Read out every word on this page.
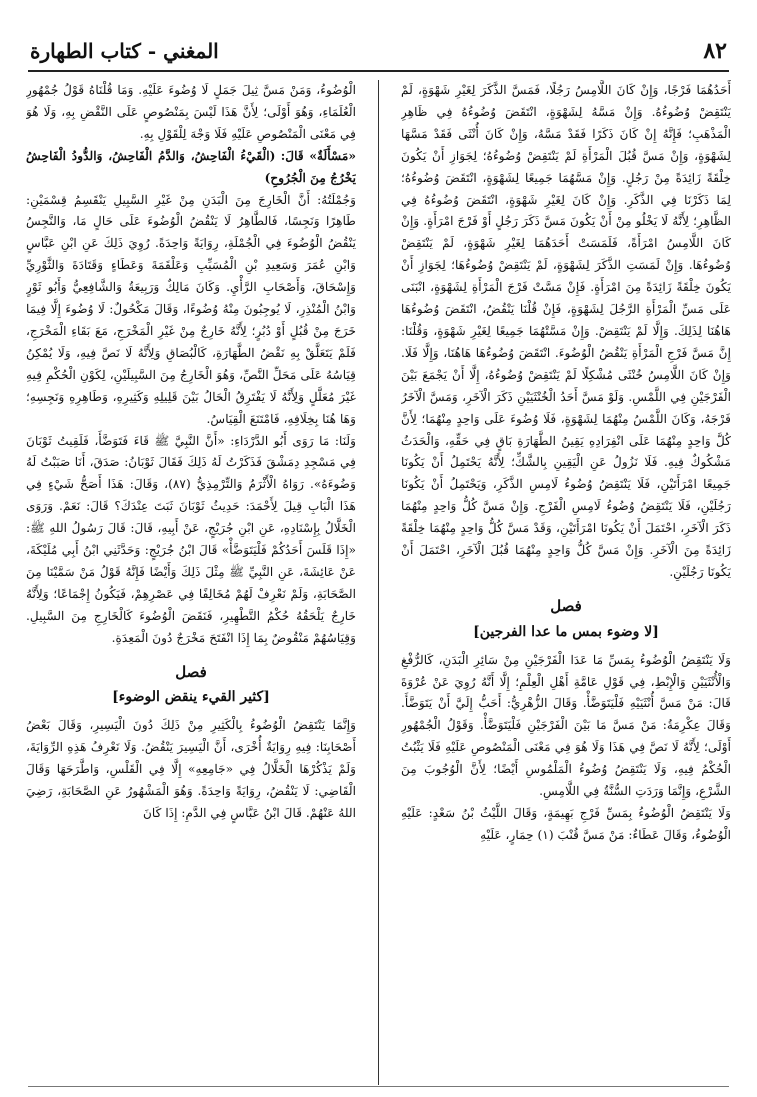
٨٢
المغني - كتاب الطهارة

أَحَدُهُمَا فَرْجًا، وَإِنْ كَانَ اللَّامِسُ رَجُلًا، فَمَسَّ الذَّكَرَ لِغَيْرِ شَهْوَةٍ، لَمْ يَنْتَقِضْ وُضُوءُهُ. وَإِنْ مَسَّهُ لِشَهْوَةٍ، انْتَقَضَ وُضُوءُهُ فِي ظَاهِرِ الْمَذْهَبِ؛ فَإِنَّهُ إِنْ كَانَ ذَكَرًا فَقَدْ مَسَّهُ، وَإِنْ كَانَ أُنْثَى فَقَدْ مَسَّهَا لِشَهْوَةٍ، وَإِنْ مَسَّ قُبُلَ الْمَرْأَةِ لَمْ يَنْتَقِضْ وُضُوءُهُ؛ لِجَوَازِ أَنْ يَكُونَ خِلْقَةً زَائِدَةً مِنْ رَجُلٍ. وَإِنْ مَسَّهُمَا جَمِيعًا لِشَهْوَةٍ، انْتَقَضَ وُضُوءُهُ؛ لِمَا ذَكَرْنَا فِي الذَّكَرِ. وَإِنْ كَانَ لِغَيْرِ شَهْوَةٍ، انْتَقَضَ وُضُوءُهُ فِي الظَّاهِرِ؛ لِأَنَّهُ لَا يَخْلُو مِنْ أَنْ يَكُونَ مَسَّ ذَكَرَ رَجُلٍ أَوْ فَرْجَ امْرَأَةٍ. وَإِنْ كَانَ اللَّامِسُ امْرَأَةً، فَلَمَسَتْ أَحَدَهُمَا لِغَيْرِ شَهْوَةٍ، لَمْ يَنْتَقِضْ وُضُوءُهَا. وَإِنْ لَمَسَتِ الذَّكَرَ لِشَهْوَةٍ، لَمْ يَنْتَقِضْ وُضُوءُهَا؛ لِجَوَازِ أَنْ يَكُونَ خِلْقَةً زَائِدَةً مِنَ امْرَأَةٍ. فَإِنْ مَسَّتْ فَرْجَ الْمَرْأَةِ لِشَهْوَةٍ، انْبَنَى عَلَى مَسِّ الْمَرْأَةِ الرَّجُلَ لِشَهْوَةٍ، فَإِنْ قُلْنَا يَنْقُضُ، انْتَقَضَ وُضُوءُهَا هَاهُنَا لِذَلِكَ. وَإِلَّا لَمْ يَنْتَقِضْ. وَإِنْ مَسَّتْهُمَا جَمِيعًا لِغَيْرِ شَهْوَةٍ، وَقُلْنَا: إِنَّ مَسَّ فَرْجِ الْمَرْأَةِ يَنْقُضُ الْوُضُوءَ. انْتَقَضَ وُضُوءُهَا هَاهُنَا، وَإِلَّا فَلَا. وَإِنْ كَانَ اللَّامِسُ خُنْثَى مُشْكِلًا لَمْ يَنْتَقِضْ وُضُوءُهُ، إِلَّا أَنْ يَجْمَعَ بَيْنَ الْفَرْجَيْنِ فِي اللَّمْسِ. وَلَوْ مَسَّ أَحَدُ الْخُنْثَيَيْنِ ذَكَرَ الْآخَرِ، وَمَسَّ الْآخَرُ فَرْجَهُ، وَكَانَ اللَّمْسُ مِنْهُمَا لِشَهْوَةٍ، فَلَا وُضُوءَ عَلَى وَاحِدٍ مِنْهُمَا؛ لِأَنَّ كُلَّ وَاحِدٍ مِنْهُمَا عَلَى انْفِرَادِهِ يَقِينُ الطَّهَارَةِ بَاقٍ فِي حَقِّهِ، وَالْحَدَثُ مَشْكُوكٌ فِيهِ. فَلَا نَزُولُ عَنِ الْيَقِينِ بِالشَّكِّ؛ لِأَنَّهُ يَحْتَمِلُ أَنْ يَكُونَا جَمِيعًا امْرَأَتَيْنِ، فَلَا يَنْتَقِضُ وُضُوءُ لَامِسِ الذَّكَرِ، وَيَحْتَمِلُ أَنْ يَكُونَا رَجُلَيْنِ، فَلَا يَنْتَقِضُ وُضُوءُ لَامِسِ الْفَرْجِ. وَإِنْ مَسَّ كُلُّ وَاحِدٍ مِنْهُمَا ذَكَرَ الْآخَرِ، احْتَمَلَ أَنْ يَكُونَا امْرَأَتَيْنِ، وَقَدْ مَسَّ كُلُّ وَاحِدٍ مِنْهُمَا خِلْقَةً زَائِدَةً مِنَ الْآخَرِ. وَإِنْ مَسَّ كُلُّ وَاحِدٍ مِنْهُمَا قُبُلَ الْآخَرِ، احْتَمَلَ أَنْ يَكُونَا رَجُلَيْنِ.

فصل
[لا وضوء بمس ما عدا الفرجين]

وَلَا يَنْتَقِضُ الْوُضُوءُ بِمَسِّ مَا عَدَا الْفَرْجَيْنِ مِنْ سَائِرِ الْبَدَنِ، كَالرُّفْغِ وَالْأُنْثَيَيْنِ وَالْإِبْطِ، فِي قَوْلِ عَامَّةِ أَهْلِ الْعِلْمِ؛ إِلَّا أَنَّهُ رُوِيَ عَنْ عُرْوَةَ قَالَ: مَنْ مَسَّ أُنْثَيَيْهِ فَلْيَتَوَضَّأْ. وَقَالَ الزُّهْرِيُّ: أَحَبُّ إِلَيَّ أَنْ يَتَوَضَّأَ. وَقَالَ عِكْرِمَةُ: مَنْ مَسَّ مَا بَيْنَ الْفَرْجَيْنِ فَلْيَتَوَضَّأْ. وَقَوْلُ الْجُمْهُورِ أَوْلَى؛ لِأَنَّهُ لَا نَصَّ فِي هَذَا وَلَا هُوَ فِي مَعْنَى الْمَنْصُوصِ عَلَيْهِ فَلَا يَثْبُتُ الْحُكْمُ فِيهِ، وَلَا يَنْتَقِضُ وُضُوءُ الْمَلْمُوسِ أَيْضًا؛ لِأَنَّ الْوُجُوبَ مِنَ الشَّرْعِ، وَإِنَّمَا وَرَدَتِ السُّنَّةُ فِي اللَّامِسِ.

وَلَا يَنْتَقِضُ الْوُضُوءُ بِمَسِّ فَرْجِ بَهِيمَةٍ، وَقَالَ اللَّيْثُ بْنُ سَعْدٍ: عَلَيْهِ الْوُضُوءُ، وَقَالَ عَطَاءٌ: مَنْ مَسَّ قُنْبَ (١) حِمَارٍ، عَلَيْهِ

الْوُضُوءُ، وَمَنْ مَسَّ ثِيلَ جَمَلٍ لَا وُضُوءَ عَلَيْهِ. وَمَا قُلْنَاهُ قَوْلُ جُمْهُورِ الْعُلَمَاءِ، وَهُوَ أَوْلَى؛ لِأَنَّ هَذَا لَيْسَ بِمَنْصُوصٍ عَلَى النَّقْضِ بِهِ، وَلَا هُوَ فِي مَعْنَى الْمَنْصُوصِ عَلَيْهِ فَلَا وَجْهَ لِلْقَوْلِ بِهِ.

«مَسْأَلَةٌ» قَالَ: (الْقَيْءُ الْفَاحِشُ، وَالدَّمُ الْفَاحِشُ، وَالدُّودُ الْفَاحِشُ يَخْرُجُ مِنَ الْجُرُوحِ)

وَجُمْلَتُهُ: أَنَّ الْخَارِجَ مِنَ الْبَدَنِ مِنْ غَيْرِ السَّبِيلِ يَنْقَسِمُ قِسْمَيْنِ: طَاهِرًا وَنَجِسًا، فَالطَّاهِرُ لَا يَنْقُضُ الْوُضُوءَ عَلَى حَالٍ مَا، وَالنَّجِسُ يَنْقُضُ الْوُضُوءَ فِي الْجُمْلَةِ، رِوَايَةً وَاحِدَةً. رُوِيَ ذَلِكَ عَنِ ابْنِ عَبَّاسٍ وَابْنِ عُمَرَ وَسَعِيدِ بْنِ الْمُسَيِّبِ وَعَلْقَمَةَ وَعَطَاءٍ وَقَتَادَةَ وَالثَّوْرِيِّ وَإِسْحَاقَ، وَأَصْحَابِ الرَّأْيِ. وَكَانَ مَالِكٌ وَرَبِيعَةُ وَالشَّافِعِيُّ وَأَبُو ثَوْرٍ وَابْنُ الْمُنْذِرِ، لَا يُوجِبُونَ مِنْهُ وُضُوءًا، وَقَالَ مَكْحُولٌ: لَا وُضُوءَ إِلَّا فِيمَا خَرَجَ مِنْ قُبُلٍ أَوْ دُبُرٍ؛ لِأَنَّهُ خَارِجٌ مِنْ غَيْرِ الْمَخْرَجِ، مَعَ بَقَاءِ الْمَخْرَجِ، فَلَمْ يَتَعَلَّقْ بِهِ نَقْضُ الطَّهَارَةِ، كَالْبُصَاقِ وَلِأَنَّهُ لَا نَصَّ فِيهِ، وَلَا يُمْكِنُ قِيَاسُهُ عَلَى مَحَلِّ النَّصِّ، وَهُوَ الْخَارِجُ مِنَ السَّبِيلَيْنِ، لِكَوْنِ الْحُكْمِ فِيهِ غَيْرَ مُعَلَّلٍ وَلِأَنَّهُ لَا يَفْتَرِقُ الْحَالُ بَيْنَ قَلِيلِهِ وَكَثِيرِهِ، وَطَاهِرِهِ وَنَجِسِهِ؛ وَهَا هُنَا بِخِلَافِهِ، فَامْتَنَعَ الْقِيَاسُ.

وَلَنَا: مَا رَوَى أَبُو الدَّرْدَاءِ: «أَنَّ النَّبِيَّ ﷺ قَاءَ فَتَوَضَّأَ، فَلَقِيتُ ثَوْبَانَ فِي مَسْجِدِ دِمَشْقَ فَذَكَرْتُ لَهُ ذَلِكَ فَقَالَ ثَوْبَانُ: صَدَقَ، أَنَا صَبَبْتُ لَهُ وَضُوءَهُ». رَوَاهُ الْأَثْرَمُ وَالتِّرْمِذِيُّ (٨٧)، وَقَالَ: هَذَا أَصَحُّ شَيْءٍ فِي هَذَا الْبَابِ قِيلَ لِأَحْمَدَ: حَدِيثُ ثَوْبَانَ ثَبَتَ عِنْدَكَ؟ قَالَ: نَعَمْ. وَرَوَى الْخَلَّالُ بِإِسْنَادِهِ، عَنِ ابْنِ جُرَيْجٍ، عَنْ أَبِيهِ، قَالَ: قَالَ رَسُولُ اللهِ ﷺ: «إِذَا قَلَسَ أَحَدُكُمْ فَلْيَتَوَضَّأْ» قَالَ ابْنُ جُرَيْجٍ: وَحَدَّثَنِي ابْنُ أَبِي مُلَيْكَةَ، عَنْ عَائِشَةَ، عَنِ النَّبِيِّ ﷺ مِثْلَ ذَلِكَ وَأَيْضًا فَإِنَّهُ قَوْلُ مَنْ سَمَّيْنَا مِنَ الصَّحَابَةِ، وَلَمْ نَعْرِفْ لَهُمْ مُخَالِفًا فِي عَصْرِهِمْ، فَيَكُونُ إِجْمَاعًا؛ وَلِأَنَّهُ خَارِجٌ يَلْحَقُهُ حُكْمُ التَّطْهِيرِ، فَنَقَضَ الْوُضُوءَ كَالْخَارِجِ مِنَ السَّبِيلِ. وَقِيَاسُهُمْ مَنْقُوضٌ بِمَا إِذَا انْفَتَحَ مَخْرَجٌ دُونَ الْمَعِدَةِ.

فصل
[كثير القيء ينقض الوضوء]

وَإِنَّمَا يَنْتَقِضُ الْوُضُوءُ بِالْكَثِيرِ مِنْ ذَلِكَ دُونَ الْيَسِيرِ، وَقَالَ بَعْضُ أَصْحَابِنَا: فِيهِ رِوَايَةٌ أُخْرَى، أَنَّ الْيَسِيرَ يَنْقُضُ. وَلَا نَعْرِفُ هَذِهِ الرِّوَايَةَ، وَلَمْ يَذْكُرْهَا الْخَلَّالُ فِي «جَامِعِهِ» إِلَّا فِي الْقَلْسِ، وَاطَّرَحَهَا وَقَالَ الْقَاضِي: لَا يَنْقُضُ، رِوَايَةً وَاحِدَةً. وَهُوَ الْمَشْهُورُ عَنِ الصَّحَابَةِ، رَضِيَ اللهُ عَنْهُمْ. قَالَ ابْنُ عَبَّاسٍ فِي الدَّمِ: إِذَا كَانَ
